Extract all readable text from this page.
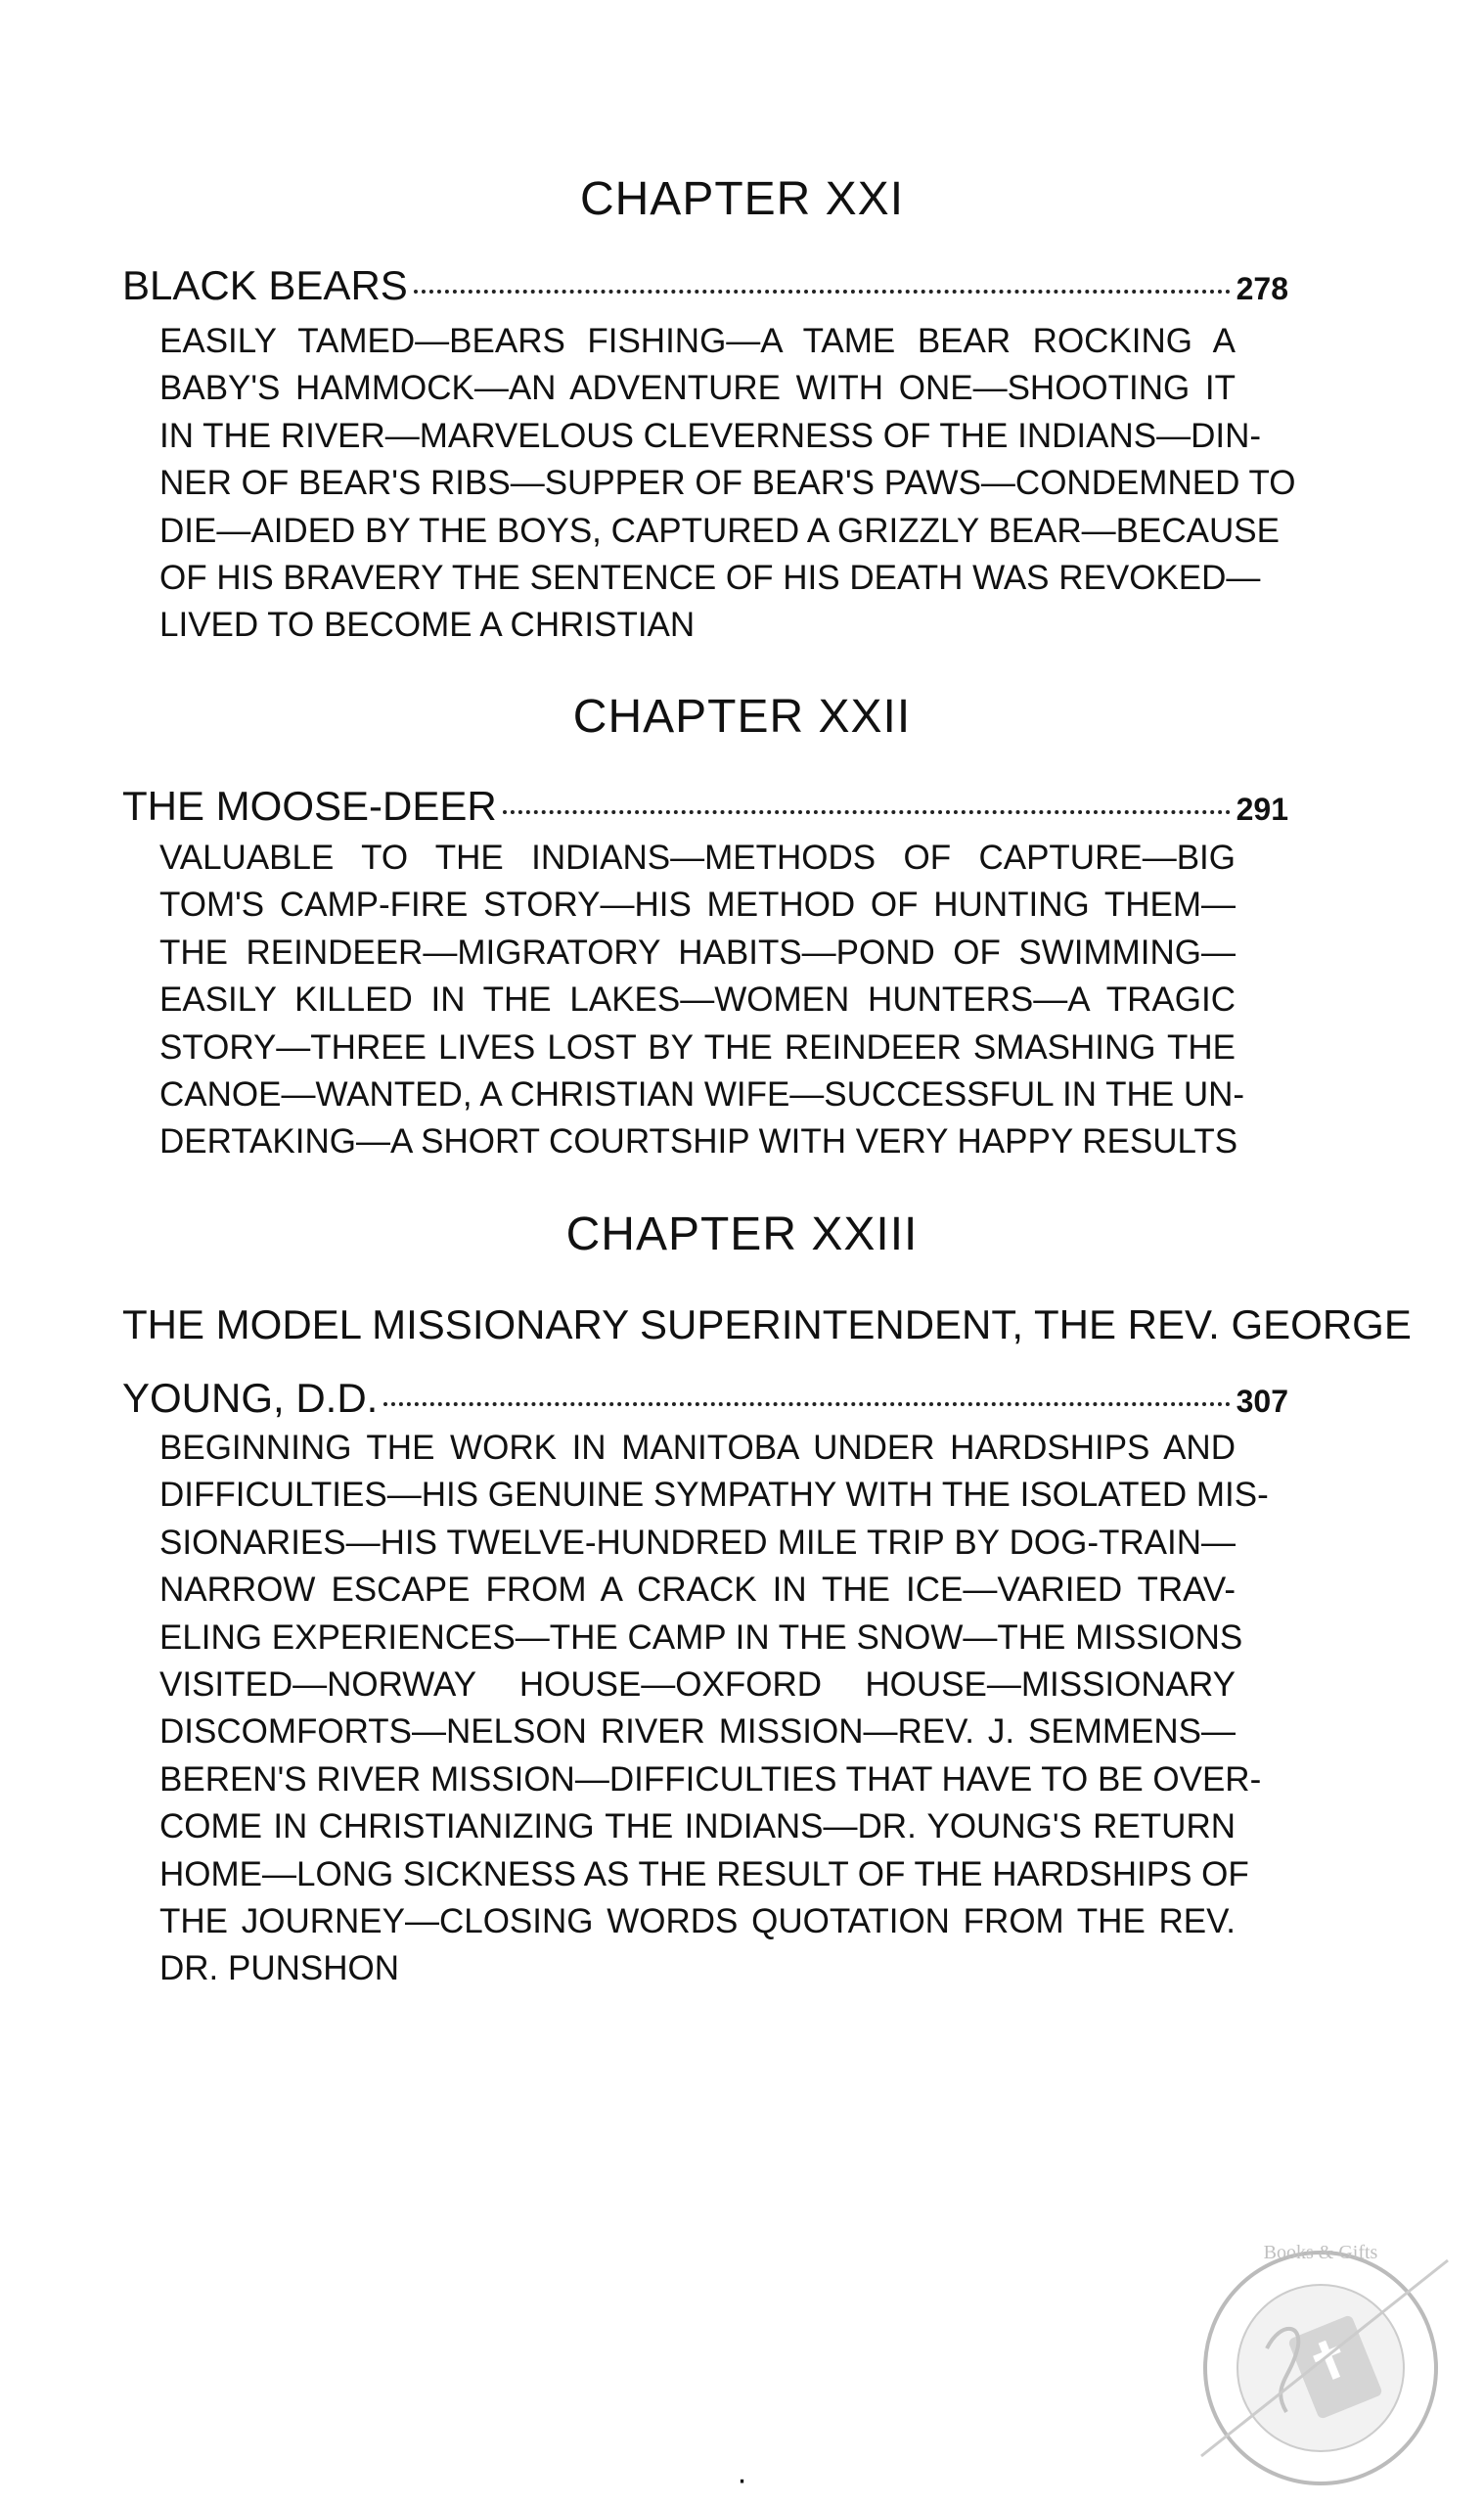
CHAPTER XXI
BLACK BEARS	278
EASILY TAMED—BEARS FISHING—A TAME BEAR ROCKING A
BABY'S HAMMOCK—AN ADVENTURE WITH ONE—SHOOTING IT
IN THE RIVER—MARVELOUS CLEVERNESS OF THE INDIANS—DIN-
NER OF BEAR'S RIBS—SUPPER OF BEAR'S PAWS—CONDEMNED TO
DIE—AIDED BY THE BOYS, CAPTURED A GRIZZLY BEAR—BECAUSE
OF HIS BRAVERY THE SENTENCE OF HIS DEATH WAS REVOKED—
LIVED TO BECOME A CHRISTIAN
CHAPTER XXII
THE MOOSE-DEER	291
VALUABLE TO THE INDIANS—METHODS OF CAPTURE—BIG
TOM'S CAMP-FIRE STORY—HIS METHOD OF HUNTING THEM—
THE REINDEER—MIGRATORY HABITS—POND OF SWIMMING—
EASILY KILLED IN THE LAKES—WOMEN HUNTERS—A TRAGIC
STORY—THREE LIVES LOST BY THE REINDEER SMASHING THE
CANOE—WANTED, A CHRISTIAN WIFE—SUCCESSFUL IN THE UN-
DERTAKING—A SHORT COURTSHIP WITH VERY HAPPY RESULTS
CHAPTER XXIII
THE MODEL MISSIONARY SUPERINTENDENT, THE REV. GEORGE
YOUNG, D.D.	307
BEGINNING THE WORK IN MANITOBA UNDER HARDSHIPS AND
DIFFICULTIES—HIS GENUINE SYMPATHY WITH THE ISOLATED MIS-
SIONARIES—HIS TWELVE-HUNDRED MILE TRIP BY DOG-TRAIN—
NARROW ESCAPE FROM A CRACK IN THE ICE—VARIED TRAV-
ELING EXPERIENCES—THE CAMP IN THE SNOW—THE MISSIONS
VISITED—NORWAY HOUSE—OXFORD HOUSE—MISSIONARY
DISCOMFORTS—NELSON RIVER MISSION—REV. J. SEMMENS—
BEREN'S RIVER MISSION—DIFFICULTIES THAT HAVE TO BE OVER-
COME IN CHRISTIANIZING THE INDIANS—DR. YOUNG'S RETURN
HOME—LONG SICKNESS AS THE RESULT OF THE HARDSHIPS OF
THE JOURNEY—CLOSING WORDS QUOTATION FROM THE REV.
DR. PUNSHON
·
Books & Gifts
